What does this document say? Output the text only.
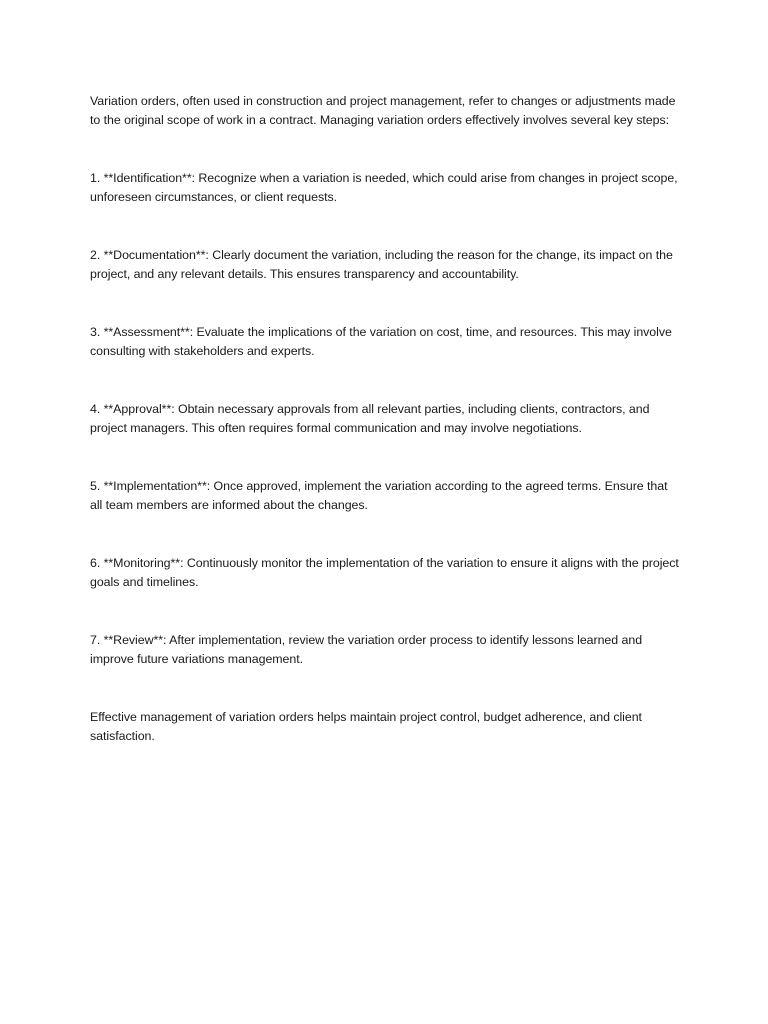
Variation orders, often used in construction and project management, refer to changes or adjustments made to the original scope of work in a contract. Managing variation orders effectively involves several key steps:

1. **Identification**: Recognize when a variation is needed, which could arise from changes in project scope, unforeseen circumstances, or client requests.

2. **Documentation**: Clearly document the variation, including the reason for the change, its impact on the project, and any relevant details. This ensures transparency and accountability.

3. **Assessment**: Evaluate the implications of the variation on cost, time, and resources. This may involve consulting with stakeholders and experts.

4. **Approval**: Obtain necessary approvals from all relevant parties, including clients, contractors, and project managers. This often requires formal communication and may involve negotiations.

5. **Implementation**: Once approved, implement the variation according to the agreed terms. Ensure that all team members are informed about the changes.

6. **Monitoring**: Continuously monitor the implementation of the variation to ensure it aligns with the project goals and timelines.

7. **Review**: After implementation, review the variation order process to identify lessons learned and improve future variations management.

Effective management of variation orders helps maintain project control, budget adherence, and client satisfaction.
